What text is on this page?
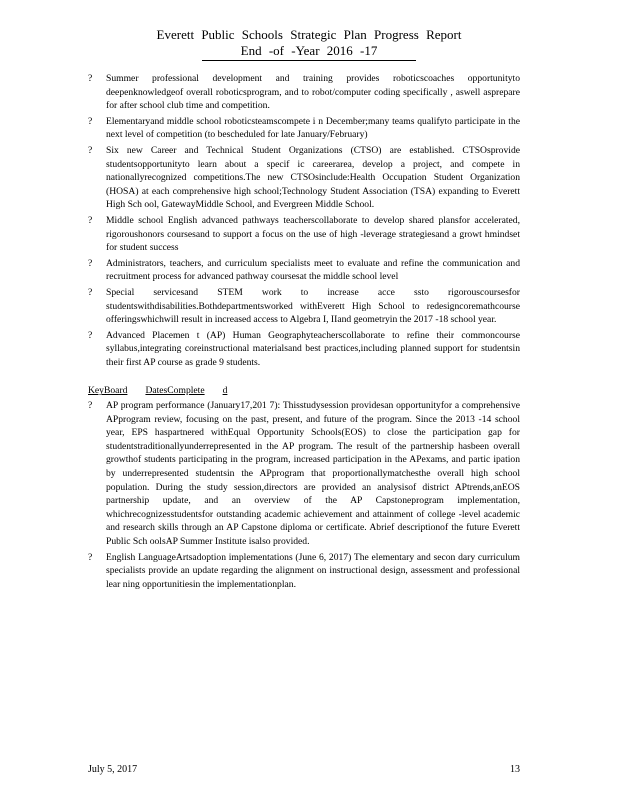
Everett Public Schools Strategic Plan Progress Report
End -of -Year 2016 -17
?	Summer professional development and training provides roboticscoaches opportunityto deepenknowledgeof overall roboticsprogram, and to robot/computer coding specifically , aswell asprepare for after school club time and competition.
?	Elementaryand middle school roboticsteamscompete i n December;many teams qualifyto participate in the next level of competition (to bescheduled for late January/February)
?	Six new Career and Technical Student Organizations (CTSO) are established. CTSOsprovide studentsopportunityto learn about a specif ic careerarea, develop a project, and compete in nationallyrecognized competitions.The new CTSOsinclude:Health Occupation Student Organization (HOSA) at each comprehensive high school;Technology Student Association (TSA) expanding to Everett High Sch ool, GatewayMiddle School, and Evergreen Middle School.
?	Middle school English advanced pathways teacherscollaborate to develop shared plansfor accelerated, rigoroushonors coursesand to support a focus on the use of high -leverage strategiesand a growt hmindset for student success
?	Administrators, teachers, and curriculum specialists meet to evaluate and refine the communication and recruitment process for advanced pathway coursesat the middle school level
?	Special servicesand STEM work to increase acce ssto rigorouscoursesfor studentswithdisabilities.Bothdepartmentsworked withEverett High School to redesigncoremathcourse offeringswhichwill result in increased access to Algebra I, IIand geometryin the 2017 -18 school year.
?	Advanced Placemen t (AP) Human Geographyteacherscollaborate to refine their commoncourse syllabus,integrating coreinstructional materialsand best practices,including planned support for studentsin their first AP course as grade 9 students.
KeyBoard DatesComplete d
?	AP program performance (January17,201 7): Thisstudysession providesan opportunityfor a comprehensive APprogram review, focusing on the past, present, and future of the program. Since the 2013 -14 school year, EPS haspartnered withEqual Opportunity Schools(EOS) to close the participation gap for studentstraditionallyunderrepresented in the AP program. The result of the partnership hasbeen overall growthof students participating in the program, increased participation in the APexams, and partic ipation by underrepresented studentsin the APprogram that proportionallymatchesthe overall high school population. During the study session,directors are provided an analysisof district APtrends,anEOS partnership update, and an overview of the AP Capstoneprogram implementation, whichrecognizesstudentsfor outstanding academic achievement and attainment of college -level academic and research skills through an AP Capstone diploma or certificate. Abrief descriptionof the future Everett Public Sch oolsAP Summer Institute isalso provided.
?	English LanguageArtsadoption implementations (June 6, 2017) The elementary and secon dary curriculum specialists provide an update regarding the alignment on instructional design, assessment and professional lear ning opportunitiesin the implementationplan.
July 5, 2017	13
